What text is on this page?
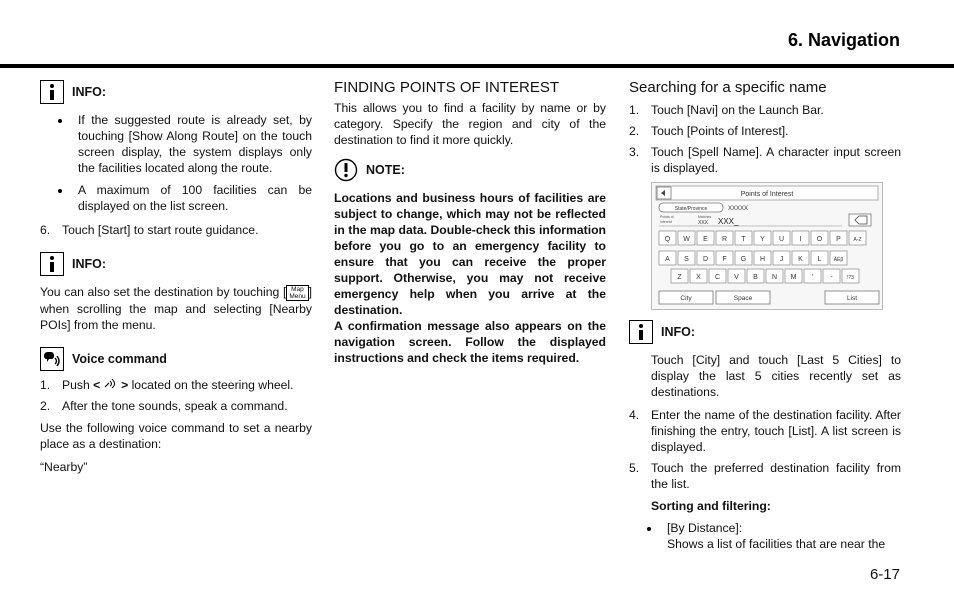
6. Navigation
INFO:
If the suggested route is already set, by touching [Show Along Route] on the touch screen display, the system displays only the facilities located along the route.
A maximum of 100 facilities can be displayed on the list screen.
6. Touch [Start] to start route guidance.
INFO:

You can also set the destination by touching [ Map
Menu ] when scrolling the map and selecting [Nearby POIs] from the menu.

Voice command
1. Push < > located on the steering wheel.
2. After the tone sounds, speak a command.

Use the following voice command to set a nearby place as a destination:

“Nearby”

FINDING POINTS OF INTEREST

This allows you to find a facility by name or by category. Specify the region and city of the destination to find it more quickly.

NOTE:

Locations and business hours of facilities are subject to change, which may not be reflected in the map data. Double-check this information before you go to an emergency facility to ensure that you can receive the proper support. Otherwise, you may not receive emergency help when you arrive at the destination.

A confirmation message also appears on the navigation screen. Follow the displayed instructions and check the items required.

Searching for a specific name
1. Touch [Navi] on the Launch Bar.
2. Touch [Points of Interest].
3. Touch [Spell Name]. A character input screen is displayed.
Points of Interest
State/Province	XXXXX
Points of
Interest
Matches
XXX XXX_
Q W E R T Y U I O P	A-Z
A S D F G H J K L ÄÉβ
Z X C V B N M ' -	!?3
City	Space	List
INFO:

Touch [City] and touch [Last 5 Cities] to display the last 5 cities recently set as destinations.

4. Enter the name of the destination facility. After finishing the entry, touch [List]. A list screen is displayed.
5. Touch the preferred destination facility from the list.

Sorting and filtering:

[By Distance]:
Shows a list of facilities that are near the
6-17
